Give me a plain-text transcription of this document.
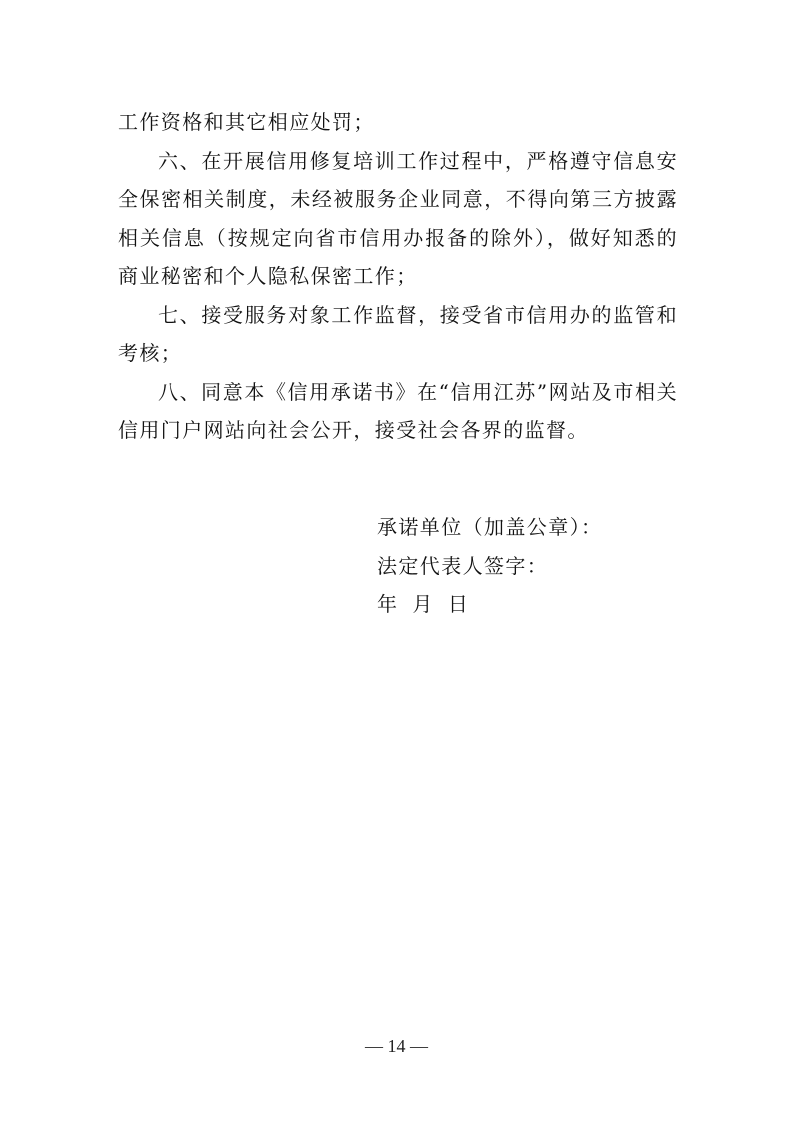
工作资格和其它相应处罚；

六、在开展信用修复培训工作过程中，严格遵守信息安全保密相关制度，未经被服务企业同意，不得向第三方披露相关信息（按规定向省市信用办报备的除外），做好知悉的商业秘密和个人隐私保密工作；

七、接受服务对象工作监督，接受省市信用办的监管和考核；

八、同意本《信用承诺书》在“信用江苏”网站及市相关信用门户网站向社会公开，接受社会各界的监督。

承诺单位（加盖公章）：
法定代表人签字：
年 月 日
— 14 —
